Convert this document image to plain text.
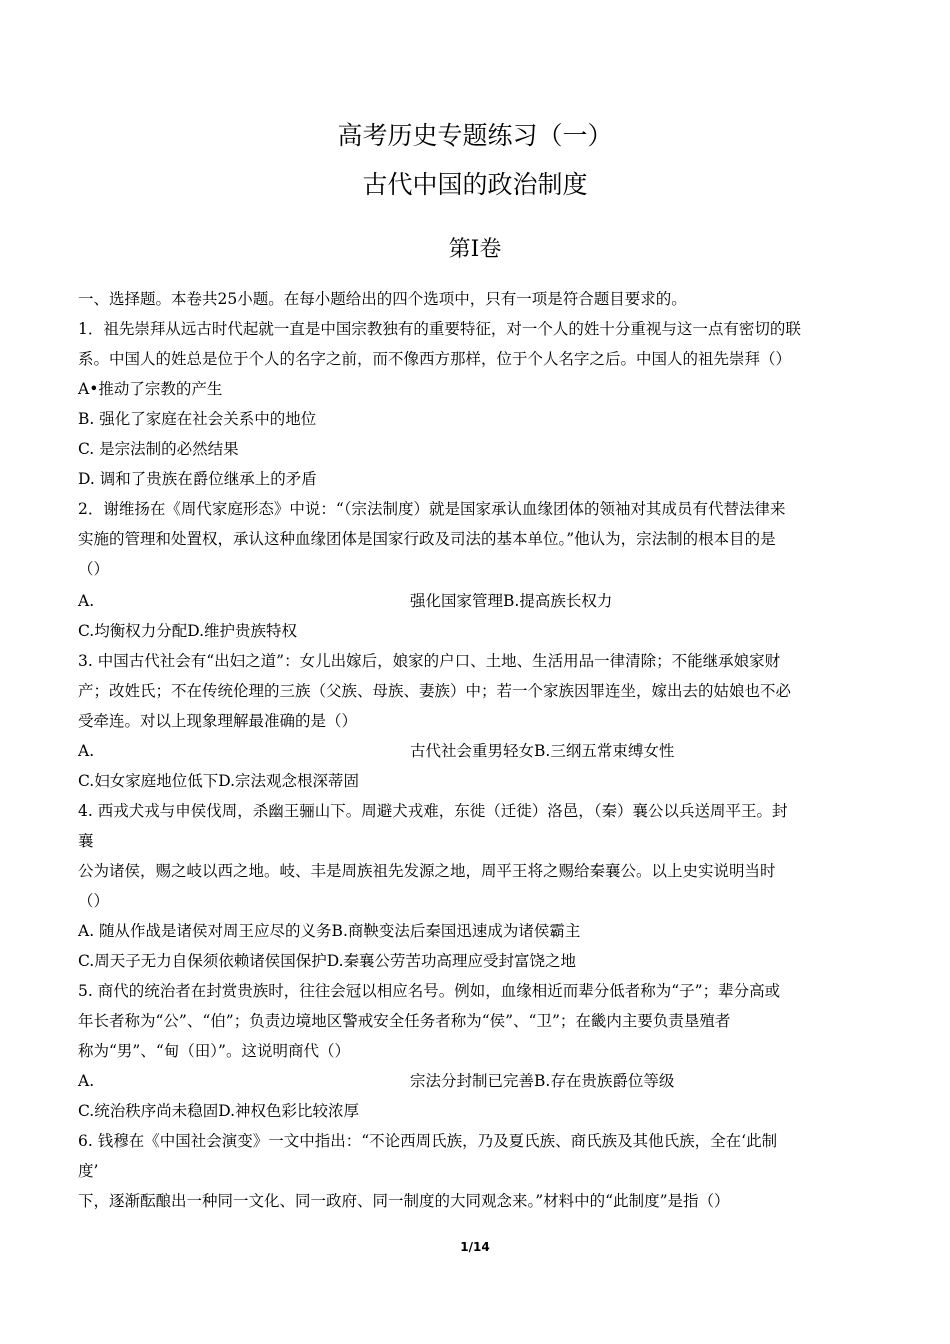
高考历史专题练习（一）
古代中国的政治制度
第I卷
一、选择题。本卷共25小题。在每小题给出的四个选项中，只有一项是符合题目要求的。
1．祖先崇拜从远古时代起就一直是中国宗教独有的重要特征，对一个人的姓十分重视与这一点有密切的联
系。中国人的姓总是位于个人的名字之前，而不像西方那样，位于个人名字之后。中国人的祖先崇拜（）
A•推动了宗教的产生
B. 强化了家庭在社会关系中的地位
C. 是宗法制的必然结果
D. 调和了贵族在爵位继承上的矛盾
2．谢维扬在《周代家庭形态》中说：“（宗法制度）就是国家承认血缘团体的领袖对其成员有代替法律来
实施的管理和处置权，承认这种血缘团体是国家行政及司法的基本单位。”他认为，宗法制的根本目的是
（）
A.	强化国家管理B.提高族长权力
C.均衡权力分配D.维护贵族特权
3. 中国古代社会有“出妇之道”：女儿出嫁后，娘家的户口、土地、生活用品一律清除；不能继承娘家财
产；改姓氏；不在传统伦理的三族（父族、母族、妻族）中；若一个家族因罪连坐，嫁出去的姑娘也不必
受牵连。对以上现象理解最准确的是（）
A.	古代社会重男轻女B.三纲五常束缚女性
C.妇女家庭地位低下D.宗法观念根深蒂固
4. 西戎犬戎与申侯伐周，杀幽王骊山下。周避犬戎难，东徙（迁徙）洛邑，（秦）襄公以兵送周平王。封
襄
公为诸侯，赐之岐以西之地。岐、丰是周族祖先发源之地，周平王将之赐给秦襄公。以上史实说明当时
（）
A. 随从作战是诸侯对周王应尽的义务B.商鞅变法后秦国迅速成为诸侯霸主
C.周天子无力自保须依赖诸侯国保护D.秦襄公劳苦功高理应受封富饶之地
5. 商代的统治者在封赏贵族时，往往会冠以相应名号。例如，血缘相近而辈分低者称为“子”；辈分高或
年长者称为“公”、“伯”；负责边境地区警戒安全任务者称为“侯”、“卫”；在畿内主要负责垦殖者
称为“男”、“甸（田）”。这说明商代（）
A.	宗法分封制已完善B.存在贵族爵位等级
C.统治秩序尚未稳固D.神权色彩比较浓厚
6. 钱穆在《中国社会演变》一文中指出：“不论西周氏族，乃及夏氏族、商氏族及其他氏族，全在‘此制
度’
下，逐渐酝酿出一种同一文化、同一政府、同一制度的大同观念来。”材料中的“此制度”是指（）
1/14
